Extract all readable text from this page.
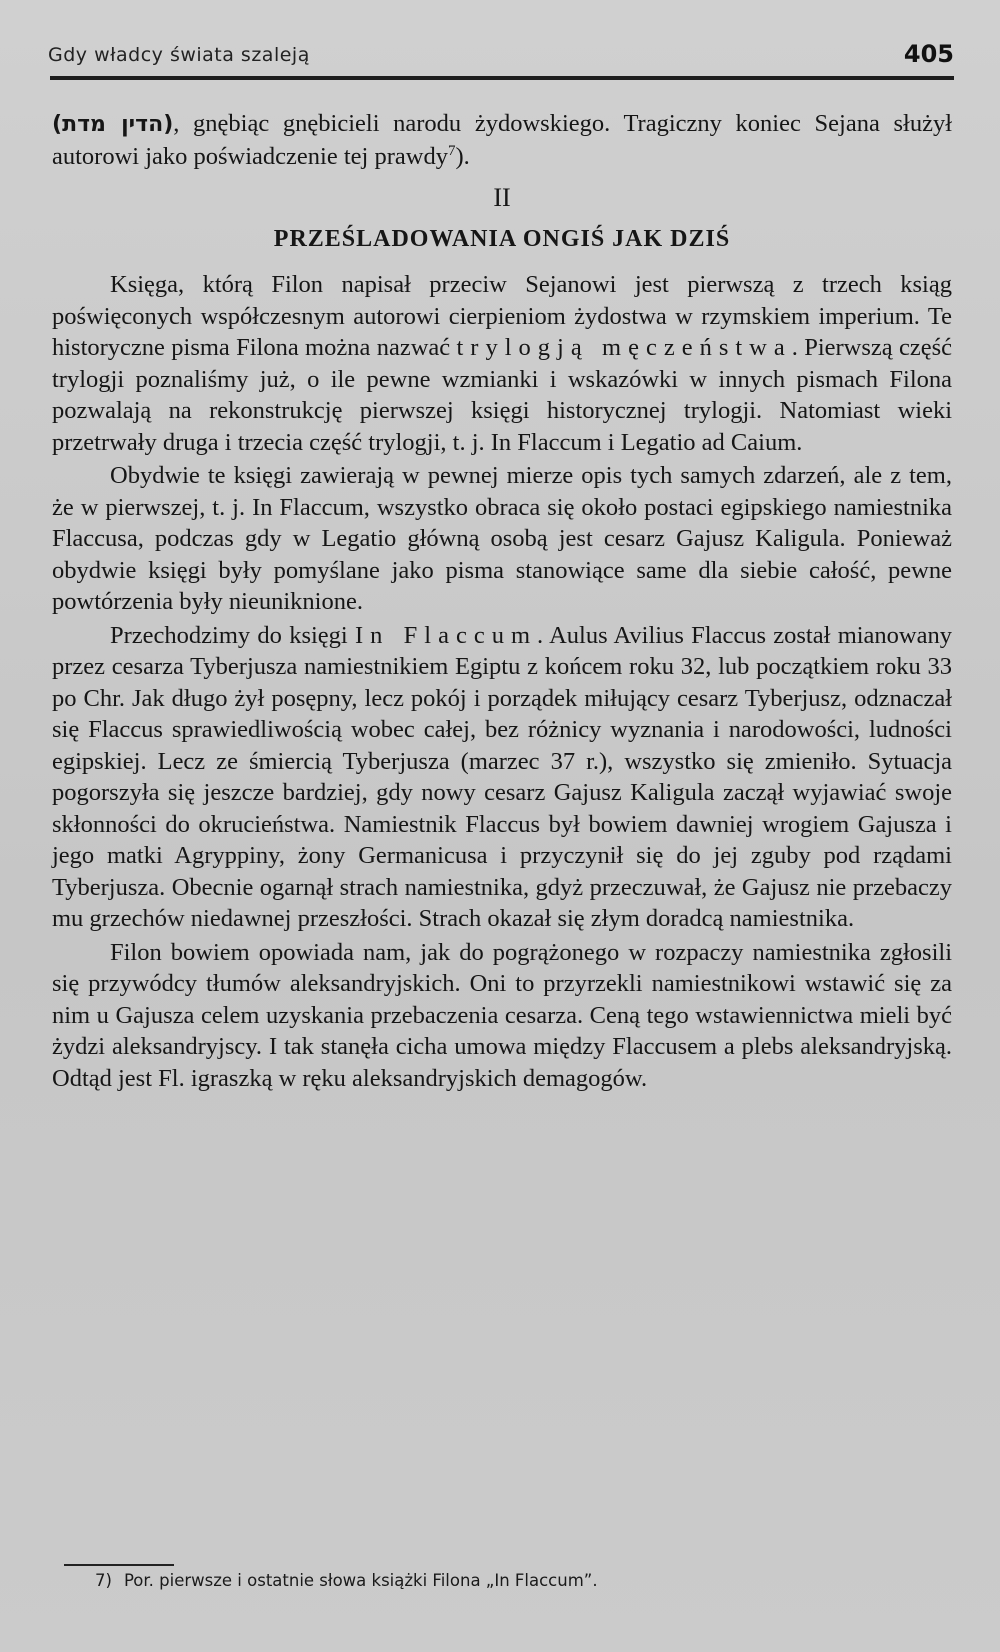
Gdy władcy świata szaleją	405

(הדין מדת), gnębiąc gnębicieli narodu żydowskiego. Tragiczny koniec Sejana służył autorowi jako poświadczenie tej prawdy$^7$).

II
PRZEŚLADOWANIA ONGIŚ JAK DZIŚ

Księga, którą Filon napisał przeciw Sejanowi jest pierwszą z trzech ksiąg poświęconych współczesnym autorowi cierpieniom żydostwa w rzymskiem imperium. Te historyczne pisma Filona można nazwać trylogją męczeństwa. Pierwszą część trylogji poznaliśmy już, o ile pewne wzmianki i wskazówki w innych pismach Filona pozwalają na rekonstrukcję pierwszej księgi historycznej trylogji. Natomiast wieki przetrwały druga i trzecia część trylogji, t. j. In Flaccum i Legatio ad Caium.

Obydwie te księgi zawierają w pewnej mierze opis tych samych zdarzeń, ale z tem, że w pierwszej, t. j. In Flaccum, wszystko obraca się około postaci egipskiego namiestnika Flaccusa, podczas gdy w Legatio główną osobą jest cesarz Gajusz Kaligula. Ponieważ obydwie księgi były pomyślane jako pisma stanowiące same dla siebie całość, pewne powtórzenia były nieuniknione.

Przechodzimy do księgi In Flaccum. Aulus Avilius Flaccus został mianowany przez cesarza Tyberjusza namiestnikiem Egiptu z końcem roku 32, lub początkiem roku 33 po Chr. Jak długo żył posępny, lecz pokój i porządek miłujący cesarz Tyberjusz, odznaczał się Flaccus sprawiedliwością wobec całej, bez różnicy wyznania i narodowości, ludności egipskiej. Lecz ze śmiercią Tyberjusza (marzec 37 r.), wszystko się zmieniło. Sytuacja pogorszyła się jeszcze bardziej, gdy nowy cesarz Gajusz Kaligula zaczął wyjawiać swoje skłonności do okrucieństwa. Namiestnik Flaccus był bowiem dawniej wrogiem Gajusza i jego matki Agryppiny, żony Germanicusa i przyczynił się do jej zguby pod rządami Tyberjusza. Obecnie ogarnął strach namiestnika, gdyż przeczuwał, że Gajusz nie przebaczy mu grzechów niedawnej przeszłości. Strach okazał się złym doradcą namiestnika.

Filon bowiem opowiada nam, jak do pogrążonego w rozpaczy namiestnika zgłosili się przywódcy tłumów aleksandryjskich. Oni to przyrzekli namiestnikowi wstawić się za nim u Gajusza celem uzyskania przebaczenia cesarza. Ceną tego wstawiennictwa mieli być żydzi aleksandryjscy. I tak stanęła cicha umowa między Flaccusem a plebs aleksandryjską. Odtąd jest Fl. igraszką w ręku aleksandryjskich demagogów.

7) Por. pierwsze i ostatnie słowa książki Filona „In Flaccum”.
